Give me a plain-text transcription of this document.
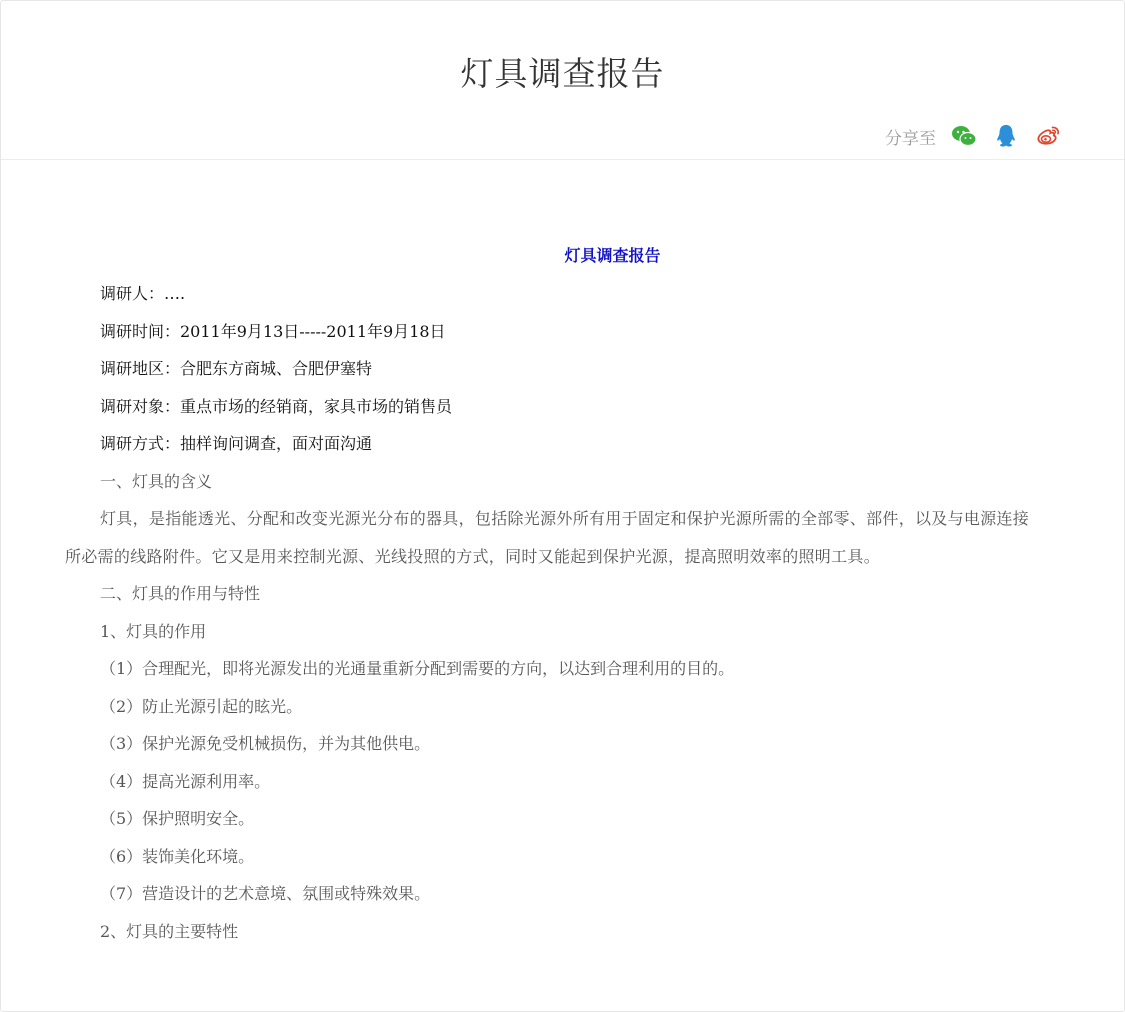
灯具调查报告
分享至

灯具调查报告

调研人：….

调研时间：2011年9月13日-----2011年9月18日

调研地区：合肥东方商城、合肥伊塞特

调研对象：重点市场的经销商，家具市场的销售员

调研方式：抽样询问调查，面对面沟通

一、灯具的含义

灯具，是指能透光、分配和改变光源光分布的器具，包括除光源外所有用于固定和保护光源所需的全部零、部件，以及与电源连接所必需的线路附件。它又是用来控制光源、光线投照的方式，同时又能起到保护光源，提高照明效率的照明工具。

二、灯具的作用与特性

1、灯具的作用

（1）合理配光，即将光源发出的光通量重新分配到需要的方向，以达到合理利用的目的。

（2）防止光源引起的眩光。

（3）保护光源免受机械损伤，并为其他供电。

（4）提高光源利用率。

（5）保护照明安全。

（6）装饰美化环境。

（7）营造设计的艺术意境、氛围或特殊效果。

2、灯具的主要特性
